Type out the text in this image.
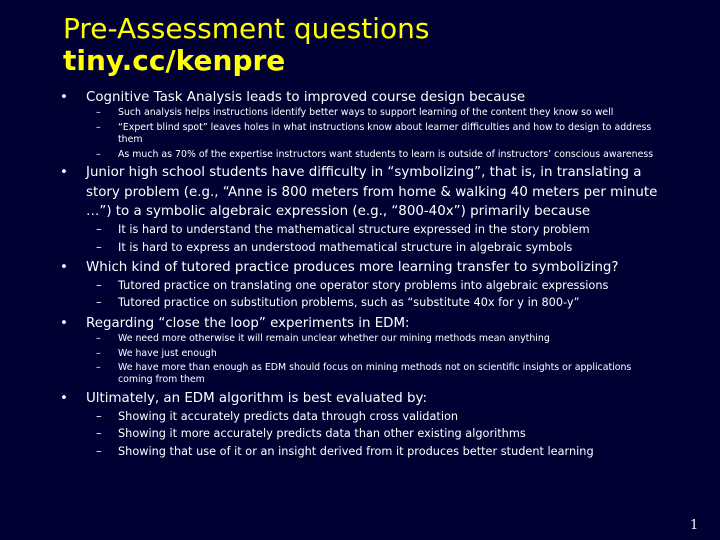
Pre-Assessment questions
tiny.cc/kenpre
• Cognitive Task Analysis leads to improved course design because
– Such analysis helps instructions identify better ways to support learning of the content they know so well
– “Expert blind spot” leaves holes in what instructions know about learner difficulties and how to design to address them
– As much as 70% of the expertise instructors want students to learn is outside of instructors’ conscious awareness
• Junior high school students have difficulty in “symbolizing”, that is, in translating a story problem (e.g., “Anne is 800 meters from home & walking 40 meters per minute …”) to a symbolic algebraic expression (e.g., “800-40x”) primarily because
– It is hard to understand the mathematical structure expressed in the story problem
– It is hard to express an understood mathematical structure in algebraic symbols
• Which kind of tutored practice produces more learning transfer to symbolizing?
– Tutored practice on translating one operator story problems into algebraic expressions
– Tutored practice on substitution problems, such as “substitute 40x for y in 800-y”
• Regarding “close the loop” experiments in EDM:
– We need more otherwise it will remain unclear whether our mining methods mean anything
– We have just enough
– We have more than enough as EDM should focus on mining methods not on scientific insights or applications coming from them
• Ultimately, an EDM algorithm is best evaluated by:
– Showing it accurately predicts data through cross validation
– Showing it more accurately predicts data than other existing algorithms
– Showing that use of it or an insight derived from it produces better student learning
1
